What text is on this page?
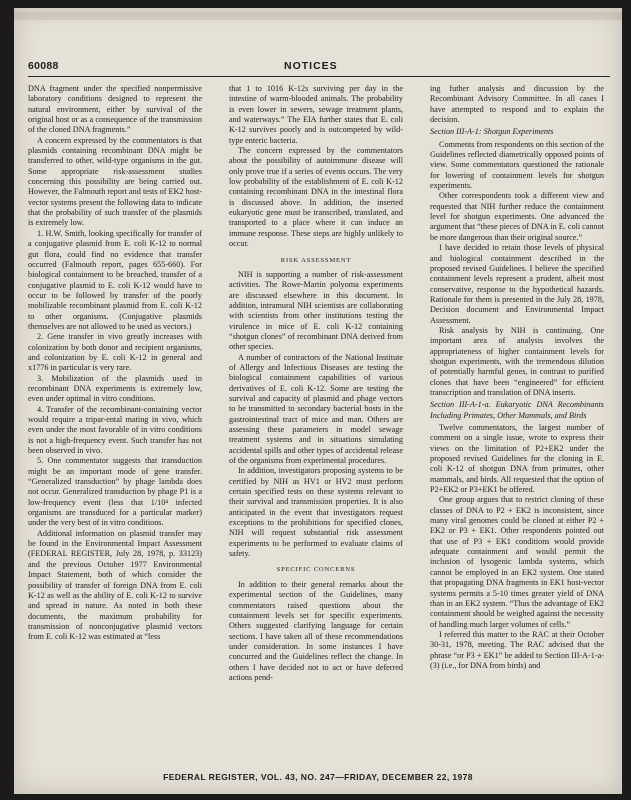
60088	NOTICES

DNA fragment under the specified nonpermissive laboratory conditions designed to represent the natural environment, either by survival of the original host or as a consequence of the transmission of the cloned DNA fragments.”

A concern expressed by the commentators is that plasmids containing recombinant DNA might be transferred to other, wild-type organisms in the gut. Some appropriate risk-assessment studies concerning this possibility are being carried out. However, the Falmouth report and tests of EK2 host-vector systems present the following data to indicate that the probability of such transfer of the plasmids is extremely low.

1. H.W. Smith, looking specifically for transfer of a conjugative plasmid from E. coli K-12 to normal gut flora, could find no evidence that transfer occurred (Falmouth report, pages 655-660). For biological containment to be breached, transfer of a conjugative plasmid to E. coli K-12 would have to occur to be followed by transfer of the poorly mobilizable recombinant plasmid from E. coli K-12 to other organisms. (Conjugative plasmids themselves are not allowed to be used as vectors.)

2. Gene transfer in vivo greatly increases with colonization by both donor and recipient organisms, and colonization by E. coli K-12 in general and x1776 in particular is very rare.

3. Mobilization of the plasmids used in recombinant DNA experiments is extremely low, even under optimal in vitro conditions.

4. Transfer of the recombinant-containing vector would require a tripar-ental mating in vivo, which even under the most favorable of in vitro conditions is not a high-frequency event. Such transfer has not been observed in vivo.

5. One commentator suggests that transduction might be an important mode of gene transfer. “Generalized transduction” by phage lambda does not occur. Generalized transduction by phage P1 is a low-frequency event (less that 1/10⁴ infected organisms are transduced for a particular marker) under the very best of in vitro conditions.

Additional information on plasmid transfer may be found in the Environmental Impact Assessment (FEDERAL REGISTER, July 28, 1978, p. 33123) and the previous October 1977 Environmental Impact Statement, both of which consider the possibility of transfer of foreign DNA from E. coli K-12 as well as the ability of E. coli K-12 to survive and spread in nature. As noted in both these documents, the maximum probability for transmission of nonconjugative plasmid vectors from E. coli K-12 was estimated at “less

that 1 to 1016 K-12s surviving per day in the intestine of warm-blooded animals. The probability is even lower in sewers, sewage treatment plants, and waterways.” The EIA further states that E. coli K-12 survives poorly and is outcompeted by wild-type enteric bacteria.

The concern expressed by the commentators about the possibility of autoimmune disease will only prove true if a series of events occurs. The very low probability of the establishment of E. coli K-12 containing recombinant DNA in the intestinal flora is discussed above. In addition, the inserted eukaryotic gene must be transcribed, translated, and transported to a place where it can induce an immune response. These steps are highly unlikely to occur.

RISK ASSESSMENT

NIH is supporting a number of risk-assessment activities. The Rowe-Martin polyoma experiments are discussed elsewhere in this document. In addition, intramural NIH scientists are collaborating with scientists from other institutions testing the virulence in mice of E. coli K-12 containing “shotgun clones” of recombinant DNA derived from other species.

A number of contractors of the National Institute of Allergy and Infectious Diseases are testing the biological containment capabilities of various derivatives of E. coli K-12. Some are testing the survival and capacity of plasmid and phage vectors to be transmitted to secondary bacterial hosts in the gastrointestinal tract of mice and man. Others are assessing these parameters in model sewage treatment systems and in situations simulating accidental spills and other types of accidental release of the organisms from experimental procedures.

In addition, investigators proposing systems to be certified by NIH as HV1 or HV2 must perform certain specified tests on these systems relevant to their survival and transmission properties. It is also anticipated in the event that investigators request exceptions to the prohibitions for specified clones, NIH will request substantial risk assessment experiments to be performed to evaluate claims of safety.

SPECIFIC CONCERNS

In addition to their general remarks about the experimental section of the Guidelines, many commentators raised questions about the containment levels set for specific experiments. Others suggested clarifying language for certain sections. I have taken all of these recommendations under consideration. In some instances I have concurred and the Guidelines reflect the change. In others I have decided not to act or have deferred actions pend-

ing futher analysis and discussion by the Recombinant Advisory Committee. In all cases I have attempted to respond and to explain the decision.

Section III-A-1: Shotgun Experiments

Comments from respondents on this section of the Guidelines reflected diametrically opposed points of view. Some commentators questioned the rationale for lowering of containment levels for shotgun experiments.

Other correspondents took a different view and requested that NIH further reduce the containment level for shotgun experiments. One advanced the argument that “these pieces of DNA in E. coli cannot be more dangerous than their original source.”

I have decided to retain those levels of physical and biological containment described in the proposed revised Guidelines. I believe the specified containment levels represent a prudent, albeit most conservative, response to the hypothetical hazards. Rationale for them is presented in the July 28, 1978, Decision document and Environmental Impact Assessment.

Risk analysis by NIH is continuing. One important area of analysis involves the appropriateness of higher containment levels for shotgun experiments, with the tremendous dilution of potentially harmful genes, in contrast to purified clones that have been “engineered” for efficient transcription and translation of DNA inserts.

Section III-A-1-a. Eukaryotic DNA Recombinants Including Primates, Other Mammals, and Birds

Twelve commentators, the largest number of comment on a single issue, wrote to express their views on the limitation of P2+EK2 under the proposed revised Guidelines for the cloning in E. coli K-12 of shotgun DNA from primates, other mammals, and birds. All requested that the option of P2+EK2 or P3+EK1 be offered.

One group argues that to restrict cloning of these classes of DNA to P2 + EK2 is inconsistent, since many viral genomes could be cloned at either P2 + EK2 or P3 + EK1. Other respondents pointed out that use of P3 + EK1 conditions would provide adequate containment and would permit the inclusion of lysogenic lambda systems, which cannot be employed in an EK2 system. One stated that propagating DNA fragments in EK1 host-vector systems permits a 5-10 times greater yield of DNA than in an EK2 system. “Thus the advantage of EK2 containment should be weighed against the necessity of handling much larger volumes of cells.”

I referred this matter to the RAC at their October 30-31, 1978, meeting. The RAC advised that the phrase “or P3 + EK1” be added to Section III-A-1-a-(3) (i.e., for DNA from birds) and

FEDERAL REGISTER, VOL. 43, NO. 247—FRIDAY, DECEMBER 22, 1978
